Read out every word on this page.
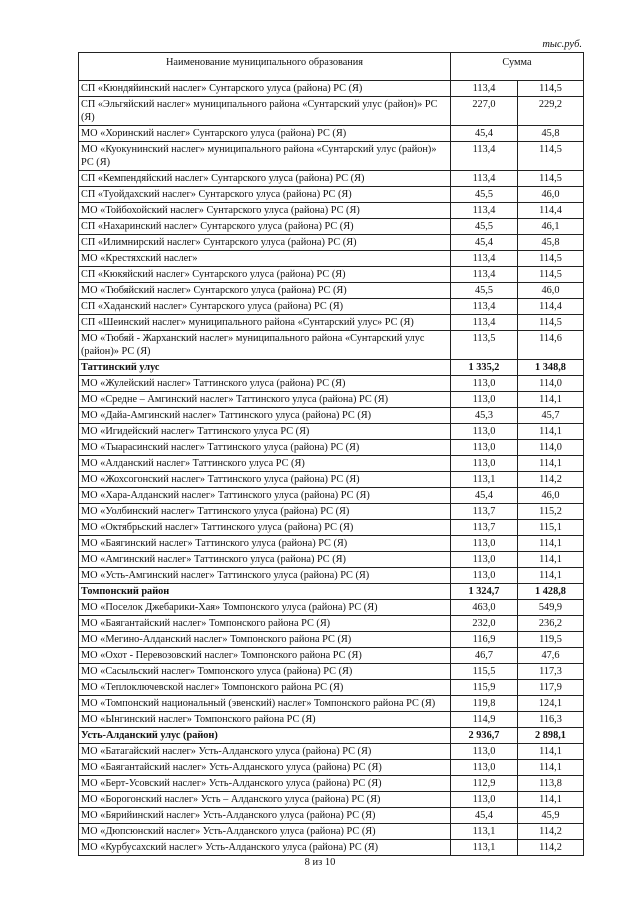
тыс.руб.
Наименование муниципального образования	Сумма	
СП «Кюндяйинский наслег» Сунтарского улуса (района) РС (Я)	113,4	114,5
СП «Эльгяйский наслег» муниципального района «Сунтарский улус (район)» РС (Я)	227,0	229,2
МО «Хоринский наслег» Сунтарского улуса (района) РС (Я)	45,4	45,8
МО «Куокунинский наслег» муниципального района «Сунтарский улус (район)» РС (Я)	113,4	114,5
СП «Кемпендяйский наслег» Сунтарского улуса (района) РС (Я)	113,4	114,5
СП «Туойдахский наслег» Сунтарского улуса (района) РС (Я)	45,5	46,0
МО «Тойбохойский наслег» Сунтарского улуса (района) РС (Я)	113,4	114,4
СП «Нахаринский наслег» Сунтарского улуса (района) РС (Я)	45,5	46,1
СП «Илимнирский наслег» Сунтарского улуса (района) РС (Я)	45,4	45,8
МО «Крестяхский наслег»	113,4	114,5
СП «Кюкяйский наслег» Сунтарского улуса (района) РС (Я)	113,4	114,5
МО «Тюбяйский наслег» Сунтарского улуса (района) РС (Я)	45,5	46,0
СП «Хаданский наслег» Сунтарского улуса (района) РС (Я)	113,4	114,4
СП «Шеинский наслег» муниципального района «Сунтарский улус» РС (Я)	113,4	114,5
МО «Тюбяй - Жарханский наслег» муниципального района «Сунтарский улус (район)» РС (Я)	113,5	114,6
Таттинский улус	1 335,2	1 348,8
МО «Жулейский наслег» Таттинского улуса (района) РС (Я)	113,0	114,0
МО «Средне – Амгинский наслег» Таттинского улуса (района) РС (Я)	113,0	114,1
МО «Дайа-Амгинский наслег» Таттинского улуса (района) РС (Я)	45,3	45,7
МО «Игидейский наслег» Таттинского улуса РС (Я)	113,0	114,1
МО «Тыарасинский наслег» Таттинского улуса (района) РС (Я)	113,0	114,0
МО «Алданский наслег» Таттинского улуса РС (Я)	113,0	114,1
МО «Жохсогонский наслег» Таттинского улуса (района) РС (Я)	113,1	114,2
МО «Хара-Алданский наслег» Таттинского улуса (района) РС (Я)	45,4	46,0
МО «Уолбинский наслег» Таттинского улуса (района) РС (Я)	113,7	115,2
МО «Октябрьский наслег» Таттинского улуса (района) РС (Я)	113,7	115,1
МО «Баягинский наслег» Таттинского улуса (района) РС (Я)	113,0	114,1
МО «Амгинский наслег» Таттинского улуса (района) РС (Я)	113,0	114,1
МО «Усть-Амгинский наслег» Таттинского улуса (района) РС (Я)	113,0	114,1
Томпонский район	1 324,7	1 428,8
МО «Поселок Джебарики-Хая» Томпонского улуса (района) РС (Я)	463,0	549,9
МО «Баягантайский наслег» Томпонского района РС (Я)	232,0	236,2
МО «Мегино-Алданский наслег» Томпонского района РС (Я)	116,9	119,5
МО «Охот - Перевозовский наслег» Томпонского района РС (Я)	46,7	47,6
МО «Сасыльский наслег» Томпонского улуса (района) РС (Я)	115,5	117,3
МО «Теплоключевской наслег» Томпонского района РС (Я)	115,9	117,9
МО «Томпонский национальный (эвенский) наслег» Томпонского района РС (Я)	119,8	124,1
МО «Ынгинский наслег» Томпонского района РС (Я)	114,9	116,3
Усть-Алданский улус (район)	2 936,7	2 898,1
МО «Батагайский наслег» Усть-Алданского улуса (района) РС (Я)	113,0	114,1
МО «Баягантайский наслег» Усть-Алданского улуса (района) РС (Я)	113,0	114,1
МО «Берт-Усовский наслег» Усть-Алданского улуса (района) РС (Я)	112,9	113,8
МО «Борогонский наслег» Усть – Алданского улуса (района) РС (Я)	113,0	114,1
МО «Бярийинский наслег» Усть-Алданского улуса (района) РС (Я)	45,4	45,9
МО «Дюпсюнский наслег» Усть-Алданского улуса (района) РС (Я)	113,1	114,2
МО «Курбусахский наслег» Усть-Алданского улуса (района) РС (Я)	113,1	114,2
8 из 10
